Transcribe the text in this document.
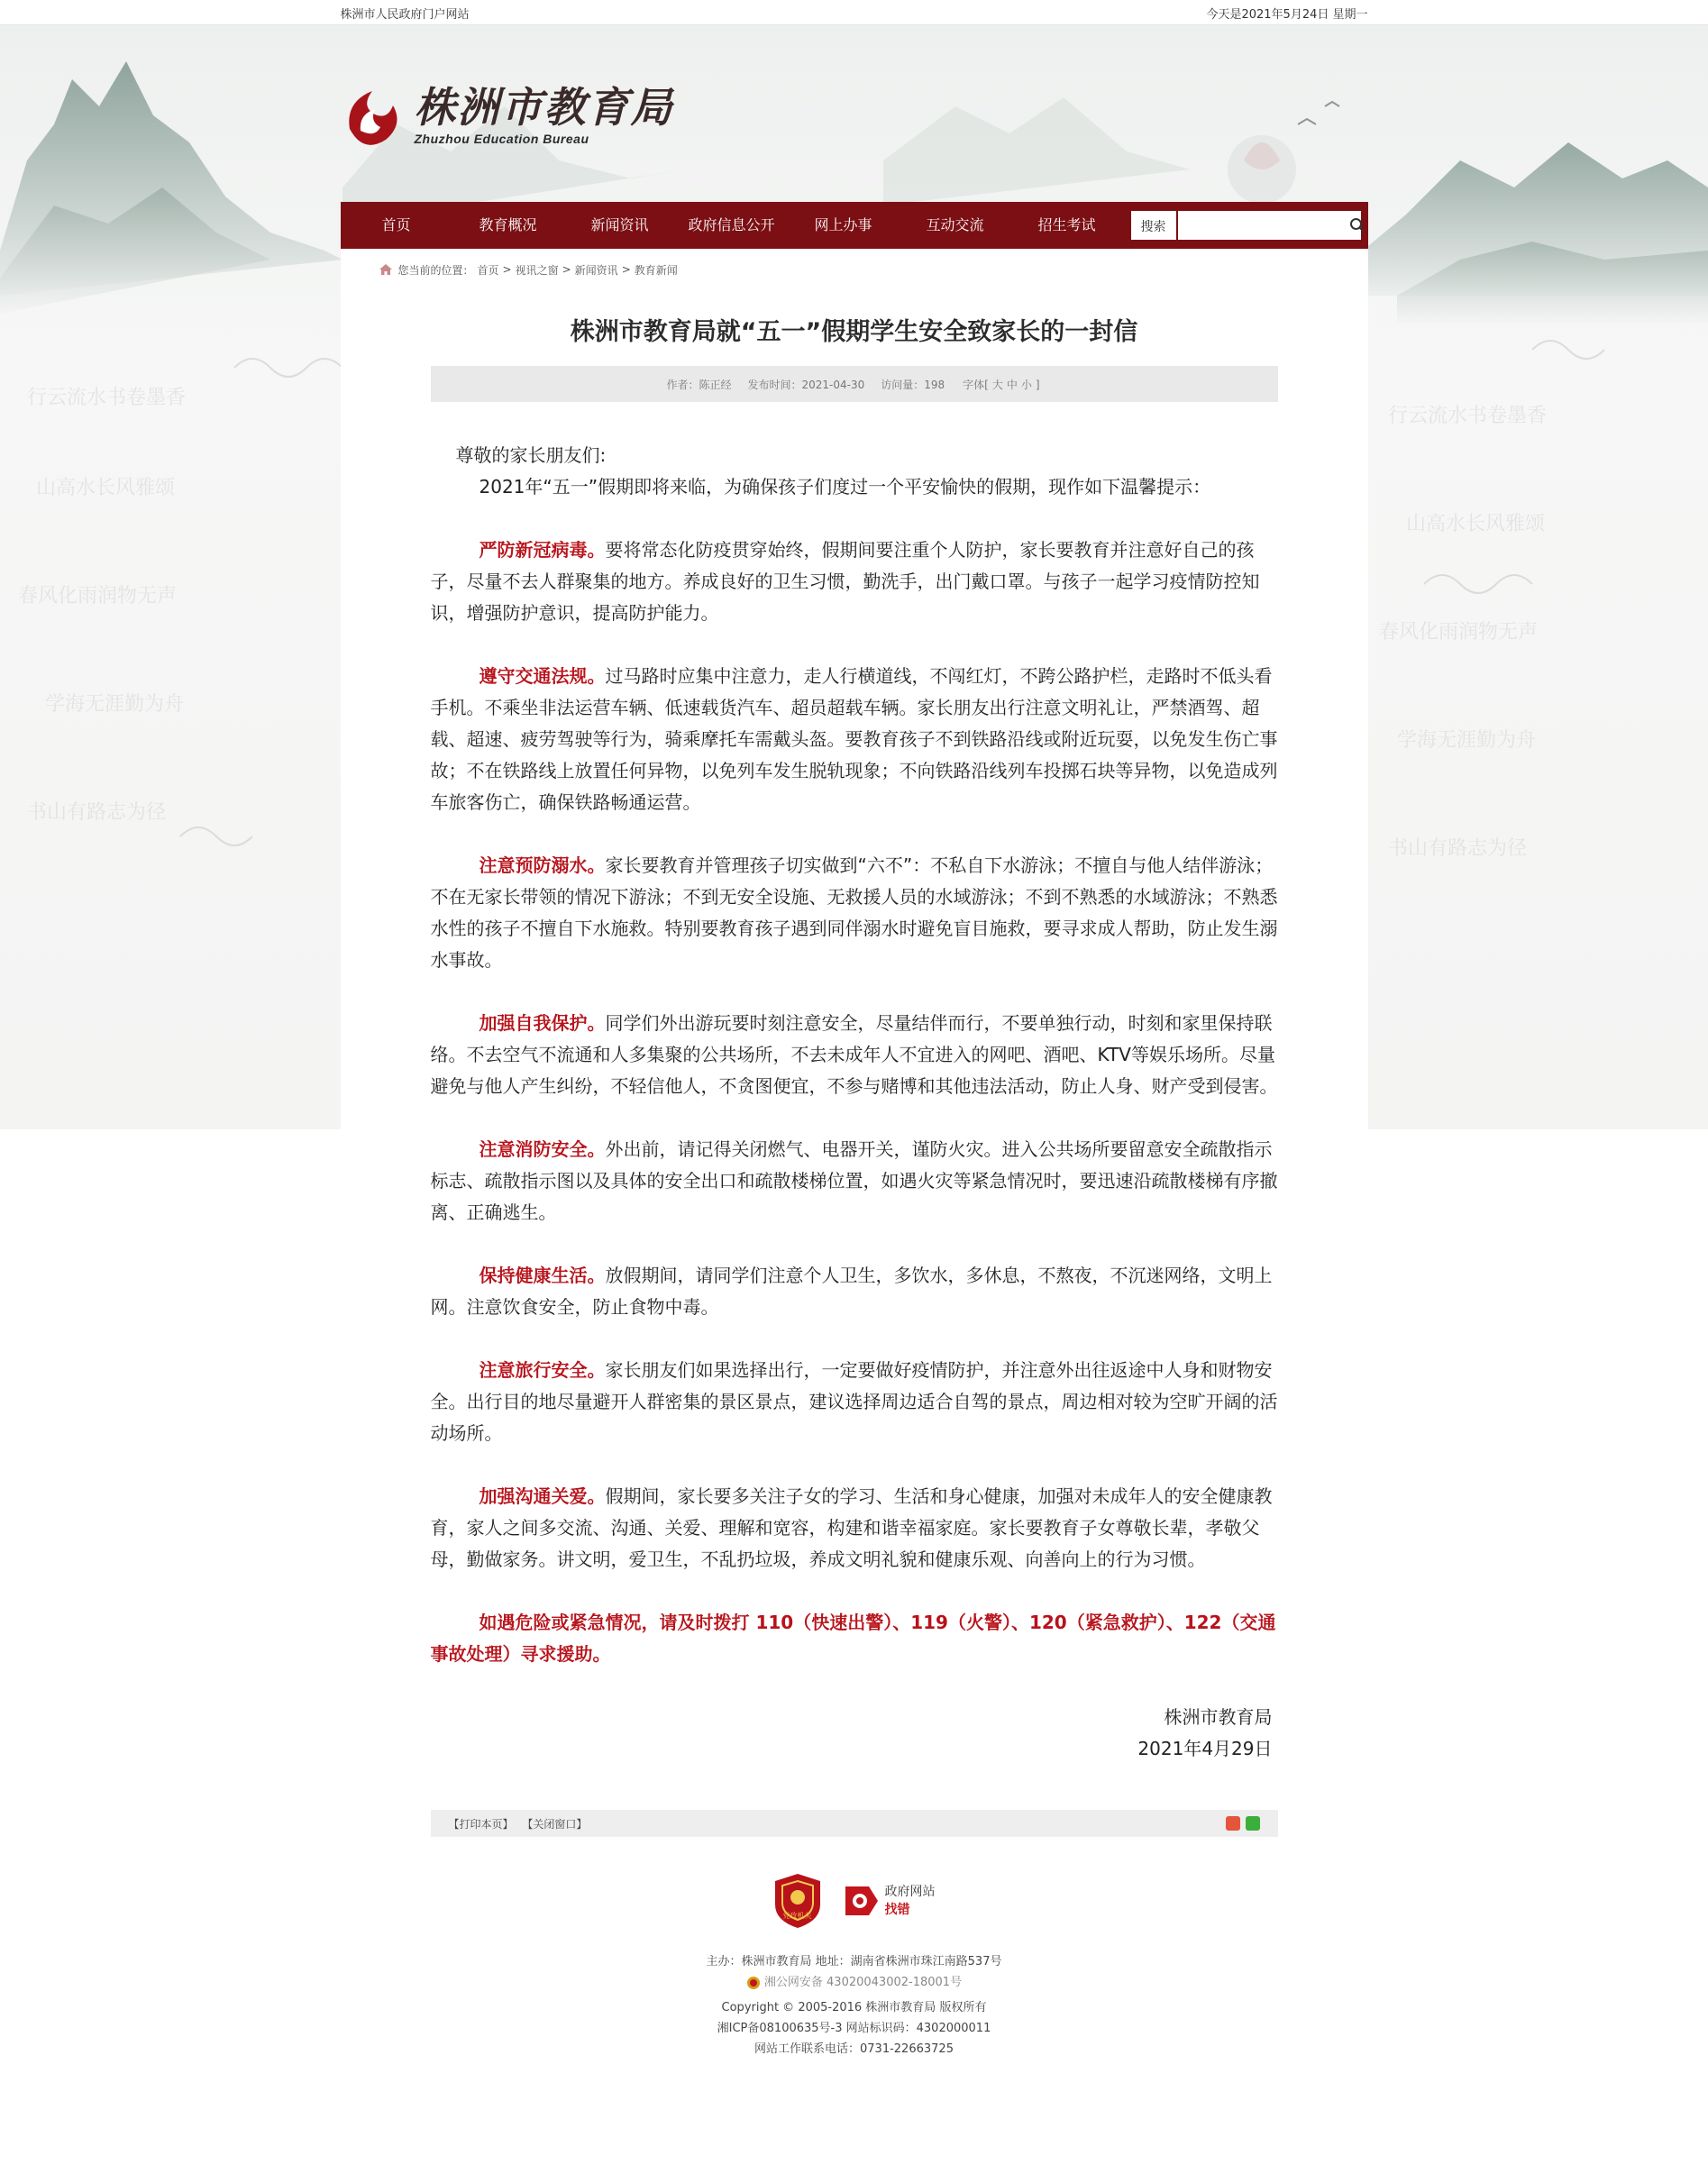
行云流水书卷墨香
山高水长风雅颂
春风化雨润物无声
学海无涯勤为舟
书山有路志为径
行云流水书卷墨香
山高水长风雅颂
春风化雨润物无声
学海无涯勤为舟
书山有路志为径
株洲市人民政府门户网站	今天是2021年5月24日 星期一
株洲市教育局
Zhuzhou Education Bureau
首页	教育概况	新闻资讯	政府信息公开	网上办事	互动交流	招生考试	搜索
您当前的位置： 首页 > 视讯之窗 > 新闻资讯 > 教育新闻
株洲市教育局就“五一”假期学生安全致家长的一封信
作者：陈正经 发布时间：2021-04-30 访问量：198 字体[ 大 中 小 ]

尊敬的家长朋友们:

2021年“五一”假期即将来临，为确保孩子们度过一个平安愉快的假期，现作如下温馨提示：

严防新冠病毒。要将常态化防疫贯穿始终，假期间要注重个人防护，家长要教育并注意好自己的孩子，尽量不去人群聚集的地方。养成良好的卫生习惯，勤洗手，出门戴口罩。与孩子一起学习疫情防控知识，增强防护意识，提高防护能力。

遵守交通法规。过马路时应集中注意力，走人行横道线，不闯红灯，不跨公路护栏，走路时不低头看手机。不乘坐非法运营车辆、低速载货汽车、超员超载车辆。家长朋友出行注意文明礼让，严禁酒驾、超载、超速、疲劳驾驶等行为，骑乘摩托车需戴头盔。要教育孩子不到铁路沿线或附近玩耍，以免发生伤亡事故；不在铁路线上放置任何异物，以免列车发生脱轨现象；不向铁路沿线列车投掷石块等异物，以免造成列车旅客伤亡，确保铁路畅通运营。

注意预防溺水。家长要教育并管理孩子切实做到“六不”：不私自下水游泳；不擅自与他人结伴游泳；不在无家长带领的情况下游泳；不到无安全设施、无救援人员的水域游泳；不到不熟悉的水域游泳；不熟悉水性的孩子不擅自下水施救。特别要教育孩子遇到同伴溺水时避免盲目施救，要寻求成人帮助，防止发生溺水事故。

加强自我保护。同学们外出游玩要时刻注意安全，尽量结伴而行，不要单独行动，时刻和家里保持联络。不去空气不流通和人多集聚的公共场所，不去未成年人不宜进入的网吧、酒吧、KTV等娱乐场所。尽量避免与他人产生纠纷，不轻信他人，不贪图便宜，不参与赌博和其他违法活动，防止人身、财产受到侵害。

注意消防安全。外出前，请记得关闭燃气、电器开关，谨防火灾。进入公共场所要留意安全疏散指示标志、疏散指示图以及具体的安全出口和疏散楼梯位置，如遇火灾等紧急情况时，要迅速沿疏散楼梯有序撤离、正确逃生。

保持健康生活。放假期间，请同学们注意个人卫生，多饮水，多休息，不熬夜，不沉迷网络，文明上网。注意饮食安全，防止食物中毒。

注意旅行安全。家长朋友们如果选择出行，一定要做好疫情防护，并注意外出往返途中人身和财物安全。出行目的地尽量避开人群密集的景区景点，建议选择周边适合自驾的景点，周边相对较为空旷开阔的活动场所。

加强沟通关爱。假期间，家长要多关注子女的学习、生活和身心健康，加强对未成年人的安全健康教育，家人之间多交流、沟通、关爱、理解和宽容，构建和谐幸福家庭。家长要教育子女尊敬长辈，孝敬父母，勤做家务。讲文明，爱卫生，不乱扔垃圾，养成文明礼貌和健康乐观、向善向上的行为习惯。

如遇危险或紧急情况，请及时拨打 110（快速出警）、119（火警）、120（紧急救护）、122（交通事故处理）寻求援助。

株洲市教育局

2021年4月29日

【打印本页】 【关闭窗口】
党政机关
政府网站
找错
主办：株洲市教育局 地址：湖南省株洲市珠江南路537号
湘公网安备 43020043002-18001号
Copyright © 2005-2016 株洲市教育局 版权所有
湘ICP备08100635号-3 网站标识码：4302000011
网站工作联系电话：0731-22663725
